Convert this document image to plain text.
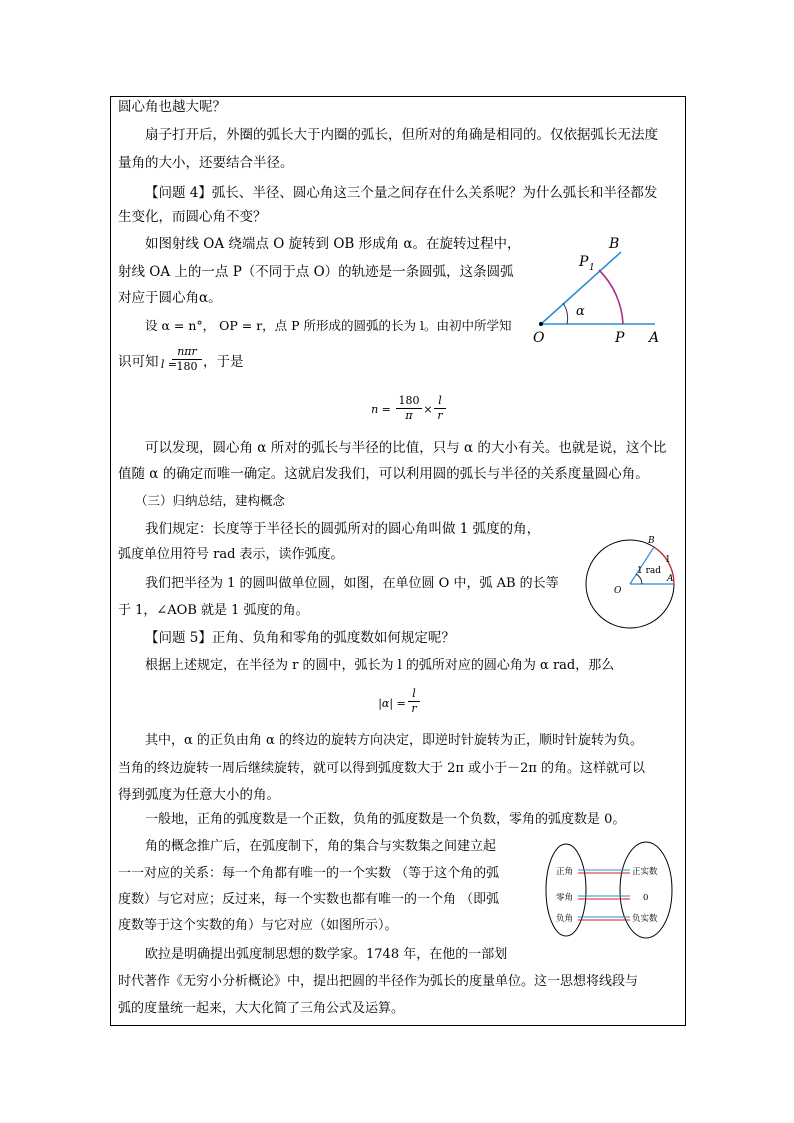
圆心角也越大呢？
扇子打开后，外圈的弧长大于内圈的弧长，但所对的角确是相同的。仅依据弧长无法度
量角的大小，还要结合半径。
【问题 4】弧长、半径、圆心角这三个量之间存在什么关系呢？为什么弧长和半径都发
生变化，而圆心角不变？
如图射线 OA 绕端点 O 旋转到 OB 形成角 α。在旋转过程中，
射线 OA 上的一点 P（不同于点 O）的轨迹是一条圆弧，这条圆弧
对应于圆心角α。
设 α = n°， OP = r，点 P 所形成的圆弧的长为 l。由初中所学知
B
P 1
α
O	P A
识可知 l =
nπr
180 ，于是
$n = \frac{180}{\pi} \times \frac{l}{r}$
可以发现，圆心角 α 所对的弧长与半径的比值，只与 α 的大小有关。也就是说，这个比
值随 α 的确定而唯一确定。这就启发我们，可以利用圆的弧长与半径的关系度量圆心角。
（三）归纳总结，建构概念
我们规定：长度等于半径长的圆弧所对的圆心角叫做 1 弧度的角，
弧度单位用符号 rad 表示，读作弧度。
B
1
1 rad
O
A
我们把半径为 1 的圆叫做单位圆，如图，在单位圆 O 中，弧 AB 的长等
于 1，∠AOB 就是 1 弧度的角。
【问题 5】正角、负角和零角的弧度数如何规定呢？
根据上述规定，在半径为 r 的圆中，弧长为 l 的弧所对应的圆心角为 α rad，那么
$|\alpha| = \frac{l}{r}$
其中，α 的正负由角 α 的终边的旋转方向决定，即逆时针旋转为正，顺时针旋转为负。
当角的终边旋转一周后继续旋转，就可以得到弧度数大于 2π 或小于－2π 的角。这样就可以
得到弧度为任意大小的角。
一般地，正角的弧度数是一个正数，负角的弧度数是一个负数，零角的弧度数是 0。
角的概念推广后，在弧度制下，角的集合与实数集之间建立起
一一对应的关系：每一个角都有唯一的一个实数 （等于这个角的弧
度数）与它对应；反过来，每一个实数也都有唯一的一个角 （即弧
度数等于这个实数的角）与它对应（如图所示）。
正角
零角
负角
正实数
0
负实数
欧拉是明确提出弧度制思想的数学家。1748 年，在他的一部划
时代著作《无穷小分析概论》中，提出把圆的半径作为弧长的度量单位。这一思想将线段与
弧的度量统一起来，大大化简了三角公式及运算。
